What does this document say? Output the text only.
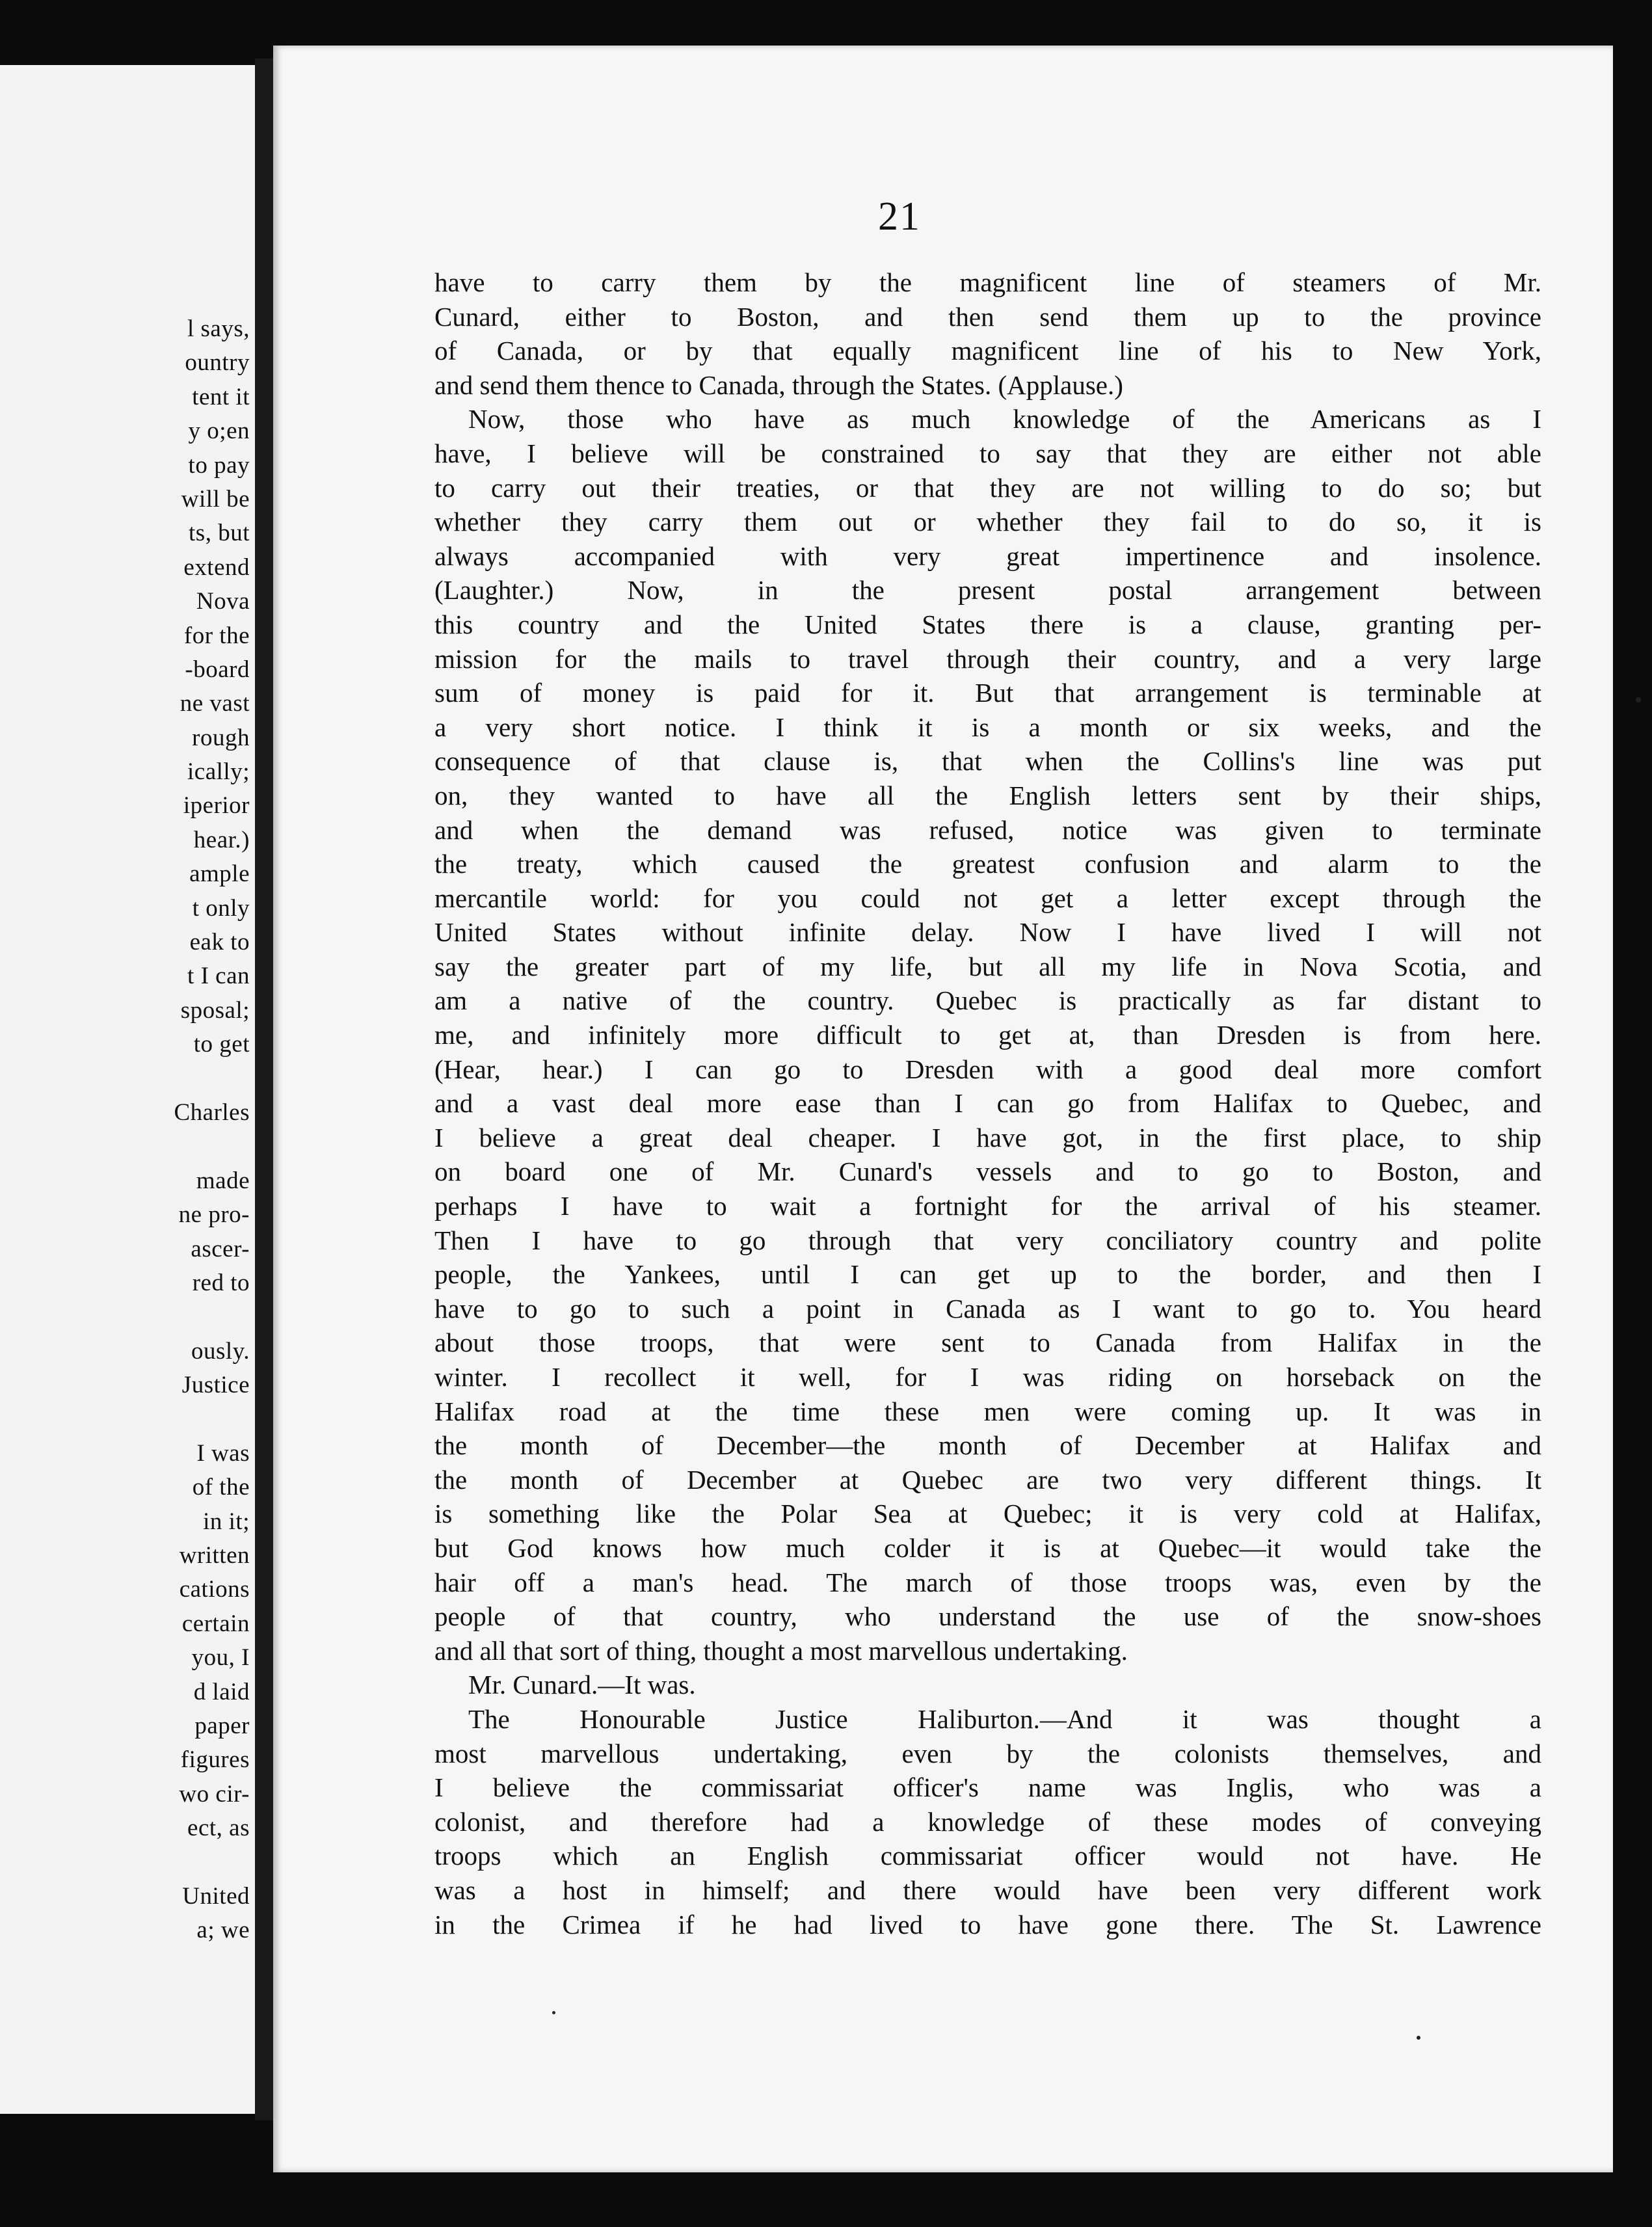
l says,
ountry
tent it
y o;en
to pay
will be
ts, but
extend
Nova
for the
-board
ne vast
rough
ically;
iperior
hear.)
ample
t only
eak to
t I can
sposal;
to get
Charles
made
ne pro-
ascer-
red to
ously.
Justice
I was
of the
in it;
written
cations
certain
you, I
d laid
paper
figures
wo cir-
ect, as
United
a; we
21
have to carry them by the magnificent line of steamers of Mr.
Cunard, either to Boston, and then send them up to the province
of Canada, or by that equally magnificent line of his to New York,
and send them thence to Canada, through the States. (Applause.)
Now, those who have as much knowledge of the Americans as I
have, I believe will be constrained to say that they are either not able
to carry out their treaties, or that they are not willing to do so; but
whether they carry them out or whether they fail to do so, it is
always accompanied with very great impertinence and insolence.
(Laughter.) Now, in the present postal arrangement between
this country and the United States there is a clause, granting per-
mission for the mails to travel through their country, and a very large
sum of money is paid for it. But that arrangement is terminable at
a very short notice. I think it is a month or six weeks, and the
consequence of that clause is, that when the Collins's line was put
on, they wanted to have all the English letters sent by their ships,
and when the demand was refused, notice was given to terminate
the treaty, which caused the greatest confusion and alarm to the
mercantile world: for you could not get a letter except through the
United States without infinite delay. Now I have lived I will not
say the greater part of my life, but all my life in Nova Scotia, and
am a native of the country. Quebec is practically as far distant to
me, and infinitely more difficult to get at, than Dresden is from here.
(Hear, hear.) I can go to Dresden with a good deal more comfort
and a vast deal more ease than I can go from Halifax to Quebec, and
I believe a great deal cheaper. I have got, in the first place, to ship
on board one of Mr. Cunard's vessels and to go to Boston, and
perhaps I have to wait a fortnight for the arrival of his steamer.
Then I have to go through that very conciliatory country and polite
people, the Yankees, until I can get up to the border, and then I
have to go to such a point in Canada as I want to go to. You heard
about those troops, that were sent to Canada from Halifax in the
winter. I recollect it well, for I was riding on horseback on the
Halifax road at the time these men were coming up. It was in
the month of December—the month of December at Halifax and
the month of December at Quebec are two very different things. It
is something like the Polar Sea at Quebec; it is very cold at Halifax,
but God knows how much colder it is at Quebec—it would take the
hair off a man's head. The march of those troops was, even by the
people of that country, who understand the use of the snow-shoes
and all that sort of thing, thought a most marvellous undertaking.
Mr. Cunard.—It was.
The Honourable Justice Haliburton.—And it was thought a
most marvellous undertaking, even by the colonists themselves, and
I believe the commissariat officer's name was Inglis, who was a
colonist, and therefore had a knowledge of these modes of conveying
troops which an English commissariat officer would not have. He
was a host in himself; and there would have been very different work
in the Crimea if he had lived to have gone there. The St. Lawrence
